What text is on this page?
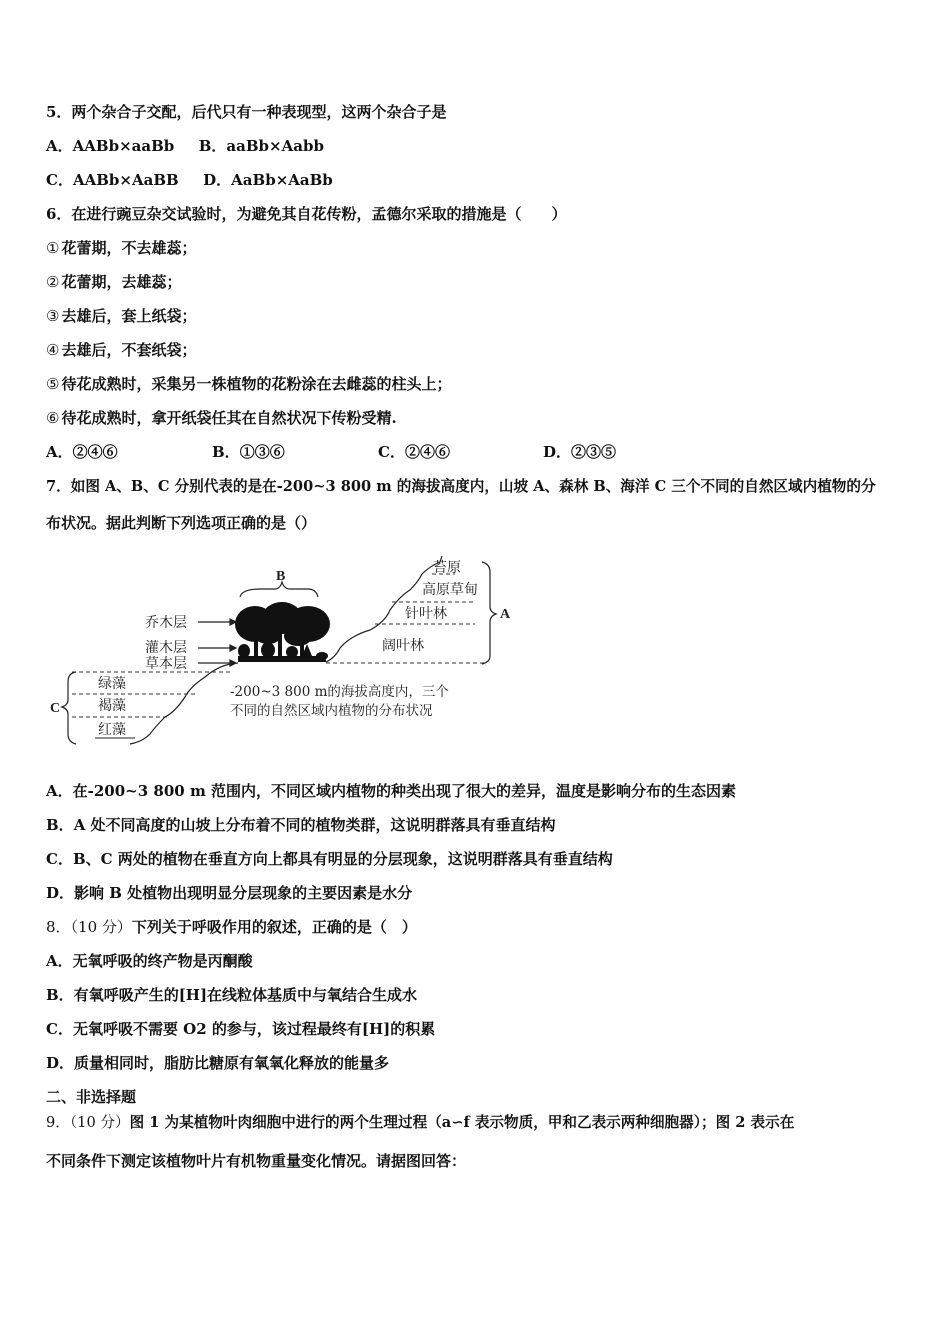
5．两个杂合子交配，后代只有一种表现型，这两个杂合子是
A．AABb×aaBb B．aaBb×Aabb
C．AABb×AaBB D．AaBb×AaBb
6．在进行豌豆杂交试验时，为避免其自花传粉，孟德尔采取的措施是（　　）
① 花蕾期，不去雄蕊；
② 花蕾期，去雄蕊；
③ 去雄后，套上纸袋；
④ 去雄后，不套纸袋；
⑤ 待花成熟时，采集另一株植物的花粉涂在去雌蕊的柱头上；
⑥ 待花成熟时，拿开纸袋任其在自然状况下传粉受精.
A．②④⑥	B．①③⑥	C．②④⑥	D．②③⑤
7．如图 A、B、C 分别代表的是在-200~3 800 m 的海拔高度内，山坡 A、森林 B、海洋 C 三个不同的自然区域内植物的分
布状况。据此判断下列选项正确的是（）
B
乔木层
灌木层
草本层
A
苔原
高原草甸
针叶林
阔叶林
C
绿藻
褐藻
红藻
-200~3 800 m的海拔高度内，三个
不同的自然区域内植物的分布状况
A．在-200~3 800 m 范围内，不同区域内植物的种类出现了很大的差异，温度是影响分布的生态因素
B．A 处不同高度的山坡上分布着不同的植物类群，这说明群落具有垂直结构
C．B、C 两处的植物在垂直方向上都具有明显的分层现象，这说明群落具有垂直结构
D．影响 B 处植物出现明显分层现象的主要因素是水分
8．（10 分）下列关于呼吸作用的叙述，正确的是（　）
A．无氧呼吸的终产物是丙酮酸
B．有氧呼吸产生的[H]在线粒体基质中与氧结合生成水
C．无氧呼吸不需要 O2 的参与，该过程最终有[H]的积累
D．质量相同时，脂肪比糖原有氧氧化释放的能量多
二、非选择题
9．（10 分）图 1 为某植物叶肉细胞中进行的两个生理过程（a∽f 表示物质，甲和乙表示两种细胞器）；图 2 表示在
不同条件下测定该植物叶片有机物重量变化情况。请据图回答：
